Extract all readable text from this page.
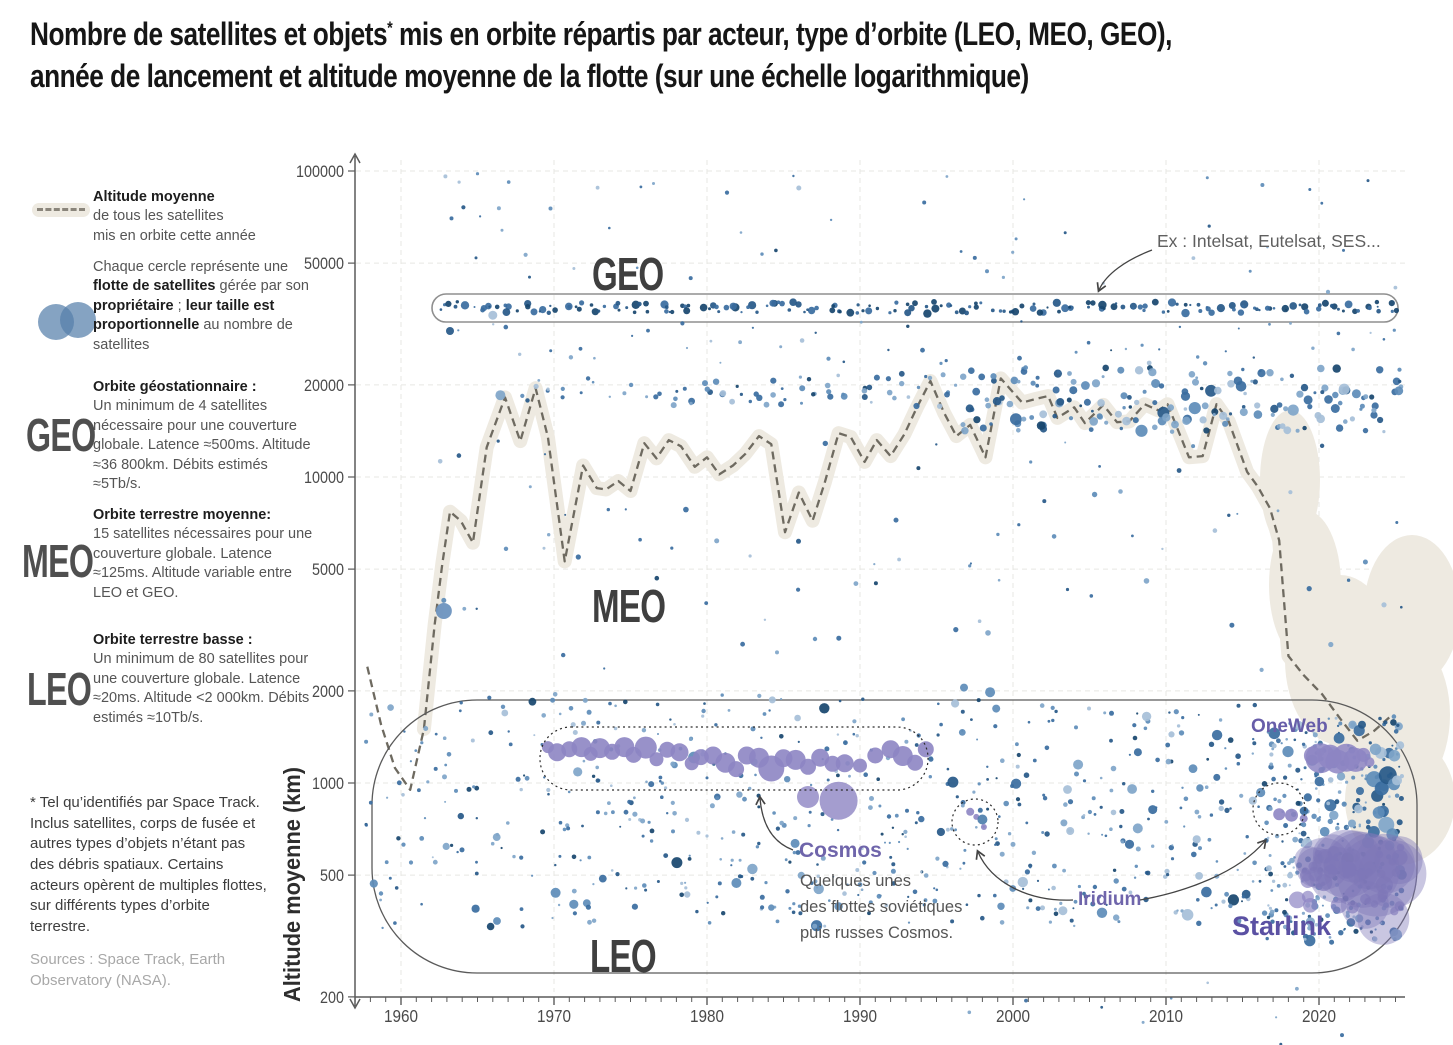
Nombre de satellites et objets* mis en orbite répartis par acteur, type d’orbite (LEO, MEO, GEO),
année de lancement et altitude moyenne de la flotte (sur une échelle logarithmique)
Altitude moyenne
de tous les satellites
mis en orbite cette année
Chaque cercle représente une flotte de satellites gérée par son propriétaire ; leur taille est proportionnelle au nombre de satellites
GEO
Orbite géostationnaire :
Un minimum de 4 satellites nécessaire pour une couverture globale. Latence ≈500ms. Altitude ≈36 800km. Débits estimés ≈5Tb/s.
MEO
Orbite terrestre moyenne:
15 satellites nécessaires pour une couverture globale. Latence ≈125ms. Altitude variable entre LEO et GEO.
LEO
Orbite terrestre basse :
Un minimum de 80 satellites pour une couverture globale. Latence ≈20ms. Altitude <2 000km. Débits estimés ≈10Tb/s.
* Tel qu’identifiés par Space Track. Inclus satellites, corps de fusée et autres types d’objets n’étant pas des débris spatiaux. Certains acteurs opèrent de multiples flottes, sur différents types d’orbite terrestre.
Sources : Space Track, Earth Observatory (NASA).
100000
50000
20000
10000
5000
2000
1000
500
200
1960	1970	1980	1990	2000	2010	2020
Altitude moyenne (km)
GEO
MEO
LEO
Ex : Intelsat, Eutelsat, SES...
OneWeb
Starlink
Cosmos
Quelques unes
des flottes soviétiques
puis russes Cosmos.
Iridium
